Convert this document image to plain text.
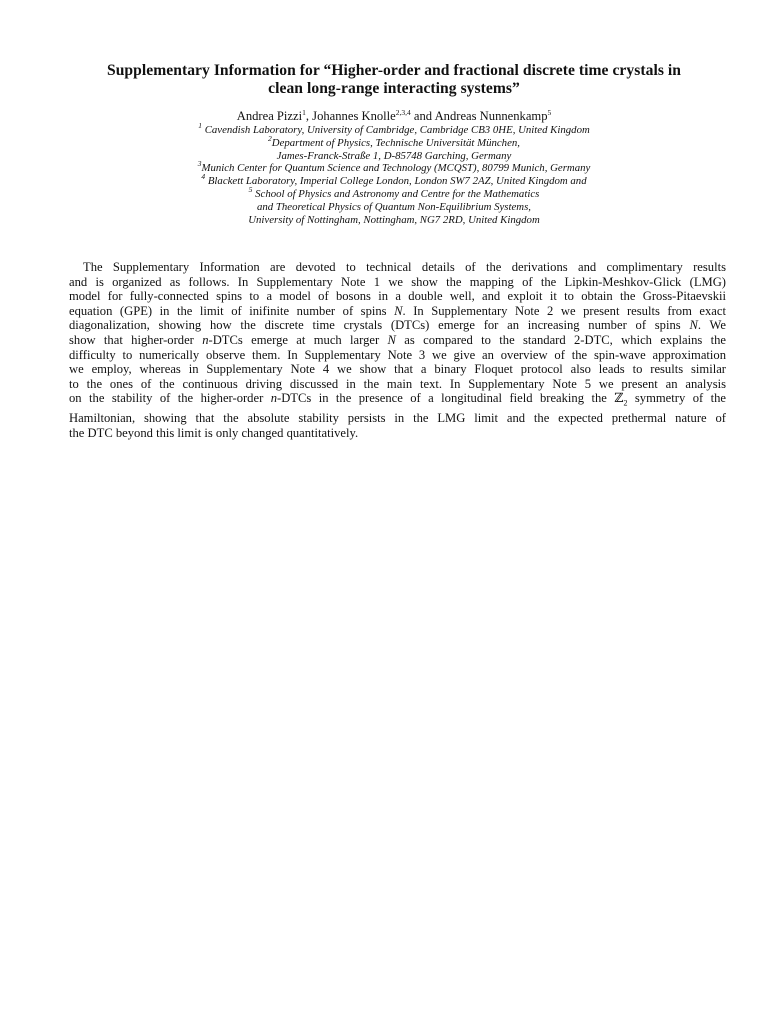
Supplementary Information for “Higher-order and fractional discrete time crystals in
clean long-range interacting systems”
Andrea Pizzi$^1$, Johannes Knolle$^{2,3,4}$ and Andreas Nunnenkamp$^5$
$^1$ Cavendish Laboratory, University of Cambridge, Cambridge CB3 0HE, United Kingdom
$^2$Department of Physics, Technische Universität München,
James-Franck-Straße 1, D-85748 Garching, Germany
$^3$Munich Center for Quantum Science and Technology (MCQST), 80799 Munich, Germany
$^4$ Blackett Laboratory, Imperial College London, London SW7 2AZ, United Kingdom and
$^5$ School of Physics and Astronomy and Centre for the Mathematics
and Theoretical Physics of Quantum Non-Equilibrium Systems,
University of Nottingham, Nottingham, NG7 2RD, United Kingdom
The Supplementary Information are devoted to technical details of the derivations and complimentary results
and is organized as follows. In Supplementary Note 1 we show the mapping of the Lipkin-Meshkov-Glick (LMG)
model for fully-connected spins to a model of bosons in a double well, and exploit it to obtain the Gross-Pitaevskii
equation (GPE) in the limit of inifinite number of spins N. In Supplementary Note 2 we present results from exact
diagonalization, showing how the discrete time crystals (DTCs) emerge for an increasing number of spins N. We
show that higher-order n-DTCs emerge at much larger N as compared to the standard 2-DTC, which explains the
difficulty to numerically observe them. In Supplementary Note 3 we give an overview of the spin-wave approximation
we employ, whereas in Supplementary Note 4 we show that a binary Floquet protocol also leads to results similar
to the ones of the continuous driving discussed in the main text. In Supplementary Note 5 we present an analysis
on the stability of the higher-order n-DTCs in the presence of a longitudinal field breaking the ℤ$_2$ symmetry of the
Hamiltonian, showing that the absolute stability persists in the LMG limit and the expected prethermal nature of
the DTC beyond this limit is only changed quantitatively.
